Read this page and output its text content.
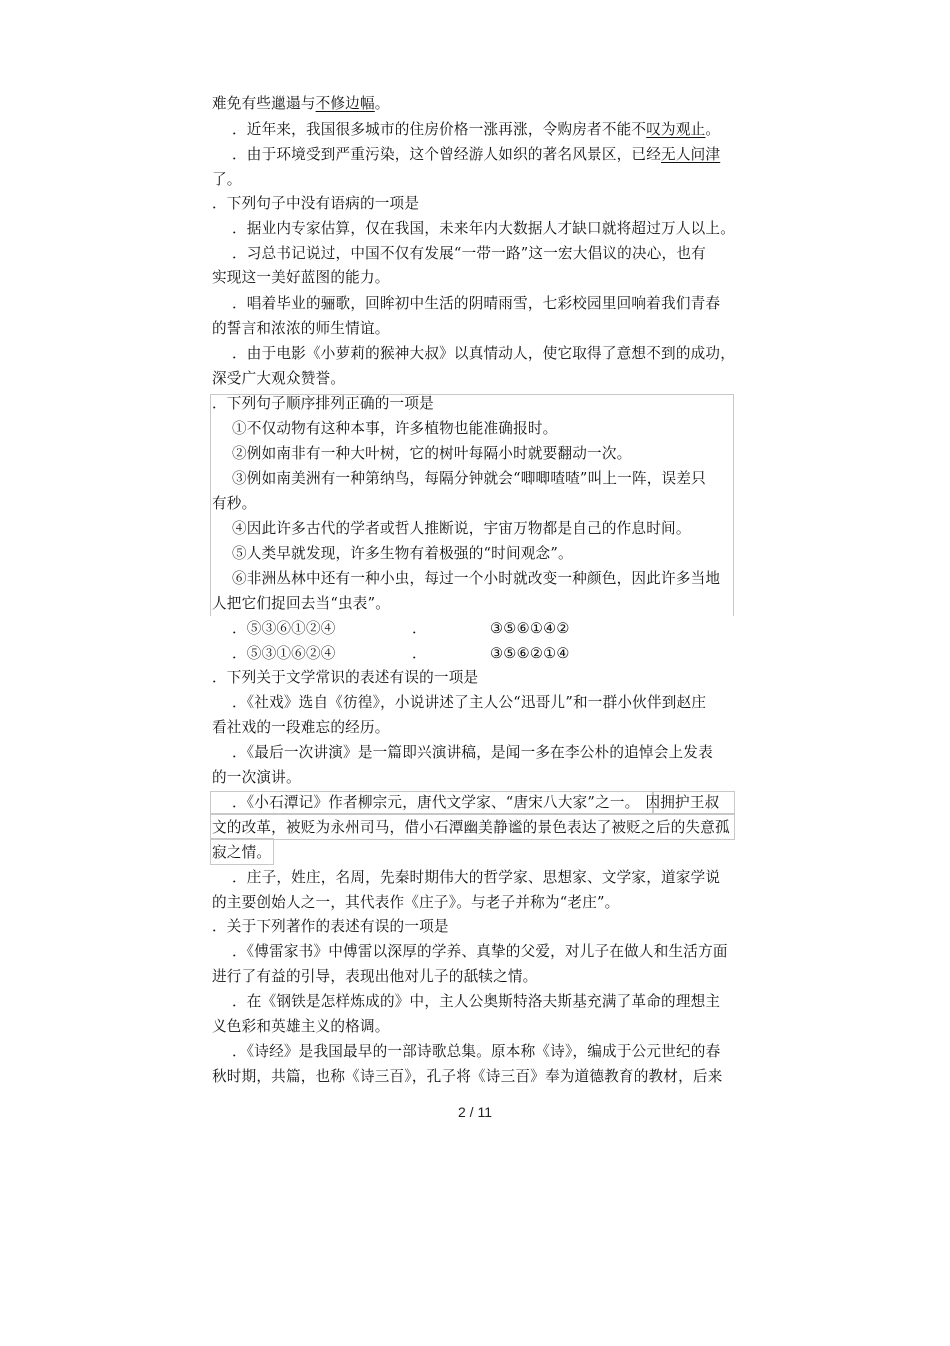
难免有些邋遢与不修边幅。
．近年来，我国很多城市的住房价格一涨再涨，令购房者不能不叹为观止。
．由于环境受到严重污染，这个曾经游人如织的著名风景区，已经无人问津
了。
．下列句子中没有语病的一项是
．据业内专家估算，仅在我国，未来年内大数据人才缺口就将超过万人以上。
．习总书记说过，中国不仅有发展“一带一路”这一宏大倡议的决心，也有
实现这一美好蓝图的能力。
．唱着毕业的骊歌，回眸初中生活的阴晴雨雪，七彩校园里回响着我们青春
的誓言和浓浓的师生情谊。
．由于电影《小萝莉的猴神大叔》以真情动人，使它取得了意想不到的成功，
深受广大观众赞誉。
．下列句子顺序排列正确的一项是
①不仅动物有这种本事，许多植物也能准确报时。
②例如南非有一种大叶树，它的树叶每隔小时就要翻动一次。
③例如南美洲有一种第纳鸟，每隔分钟就会“唧唧喳喳”叫上一阵，误差只
有秒。
④因此许多古代的学者或哲人推断说，宇宙万物都是自己的作息时间。
⑤人类早就发现，许多生物有着极强的“时间观念”。
⑥非洲丛林中还有一种小虫，每过一个小时就改变一种颜色，因此许多当地
人把它们捉回去当“虫表”。
．⑤③⑥①②④	．	③⑤⑥①④②
．⑤③①⑥②④	．	③⑤⑥②①④
．下列关于文学常识的表述有误的一项是
．《社戏》选自《彷徨》，小说讲述了主人公“迅哥儿”和一群小伙伴到赵庄
看社戏的一段难忘的经历。
．《最后一次讲演》是一篇即兴演讲稿，是闻一多在李公朴的追悼会上发表
的一次演讲。
．《小石潭记》作者柳宗元，唐代文学家、“唐宋八大家”之一。 因拥护王叔
文的改革，被贬为永州司马，借小石潭幽美静谧的景色表达了被贬之后的失意孤
寂之情。
．庄子，姓庄，名周，先秦时期伟大的哲学家、思想家、文学家，道家学说
的主要创始人之一，其代表作《庄子》。与老子并称为“老庄”。
．关于下列著作的表述有误的一项是
．《傅雷家书》中傅雷以深厚的学养、真挚的父爱，对儿子在做人和生活方面
进行了有益的引导，表现出他对儿子的舐犊之情。
．在《钢铁是怎样炼成的》中，主人公奥斯特洛夫斯基充满了革命的理想主
义色彩和英雄主义的格调。
．《诗经》是我国最早的一部诗歌总集。原本称《诗》，编成于公元世纪的春
秋时期，共篇，也称《诗三百》，孔子将《诗三百》奉为道德教育的教材，后来
2 / 11
